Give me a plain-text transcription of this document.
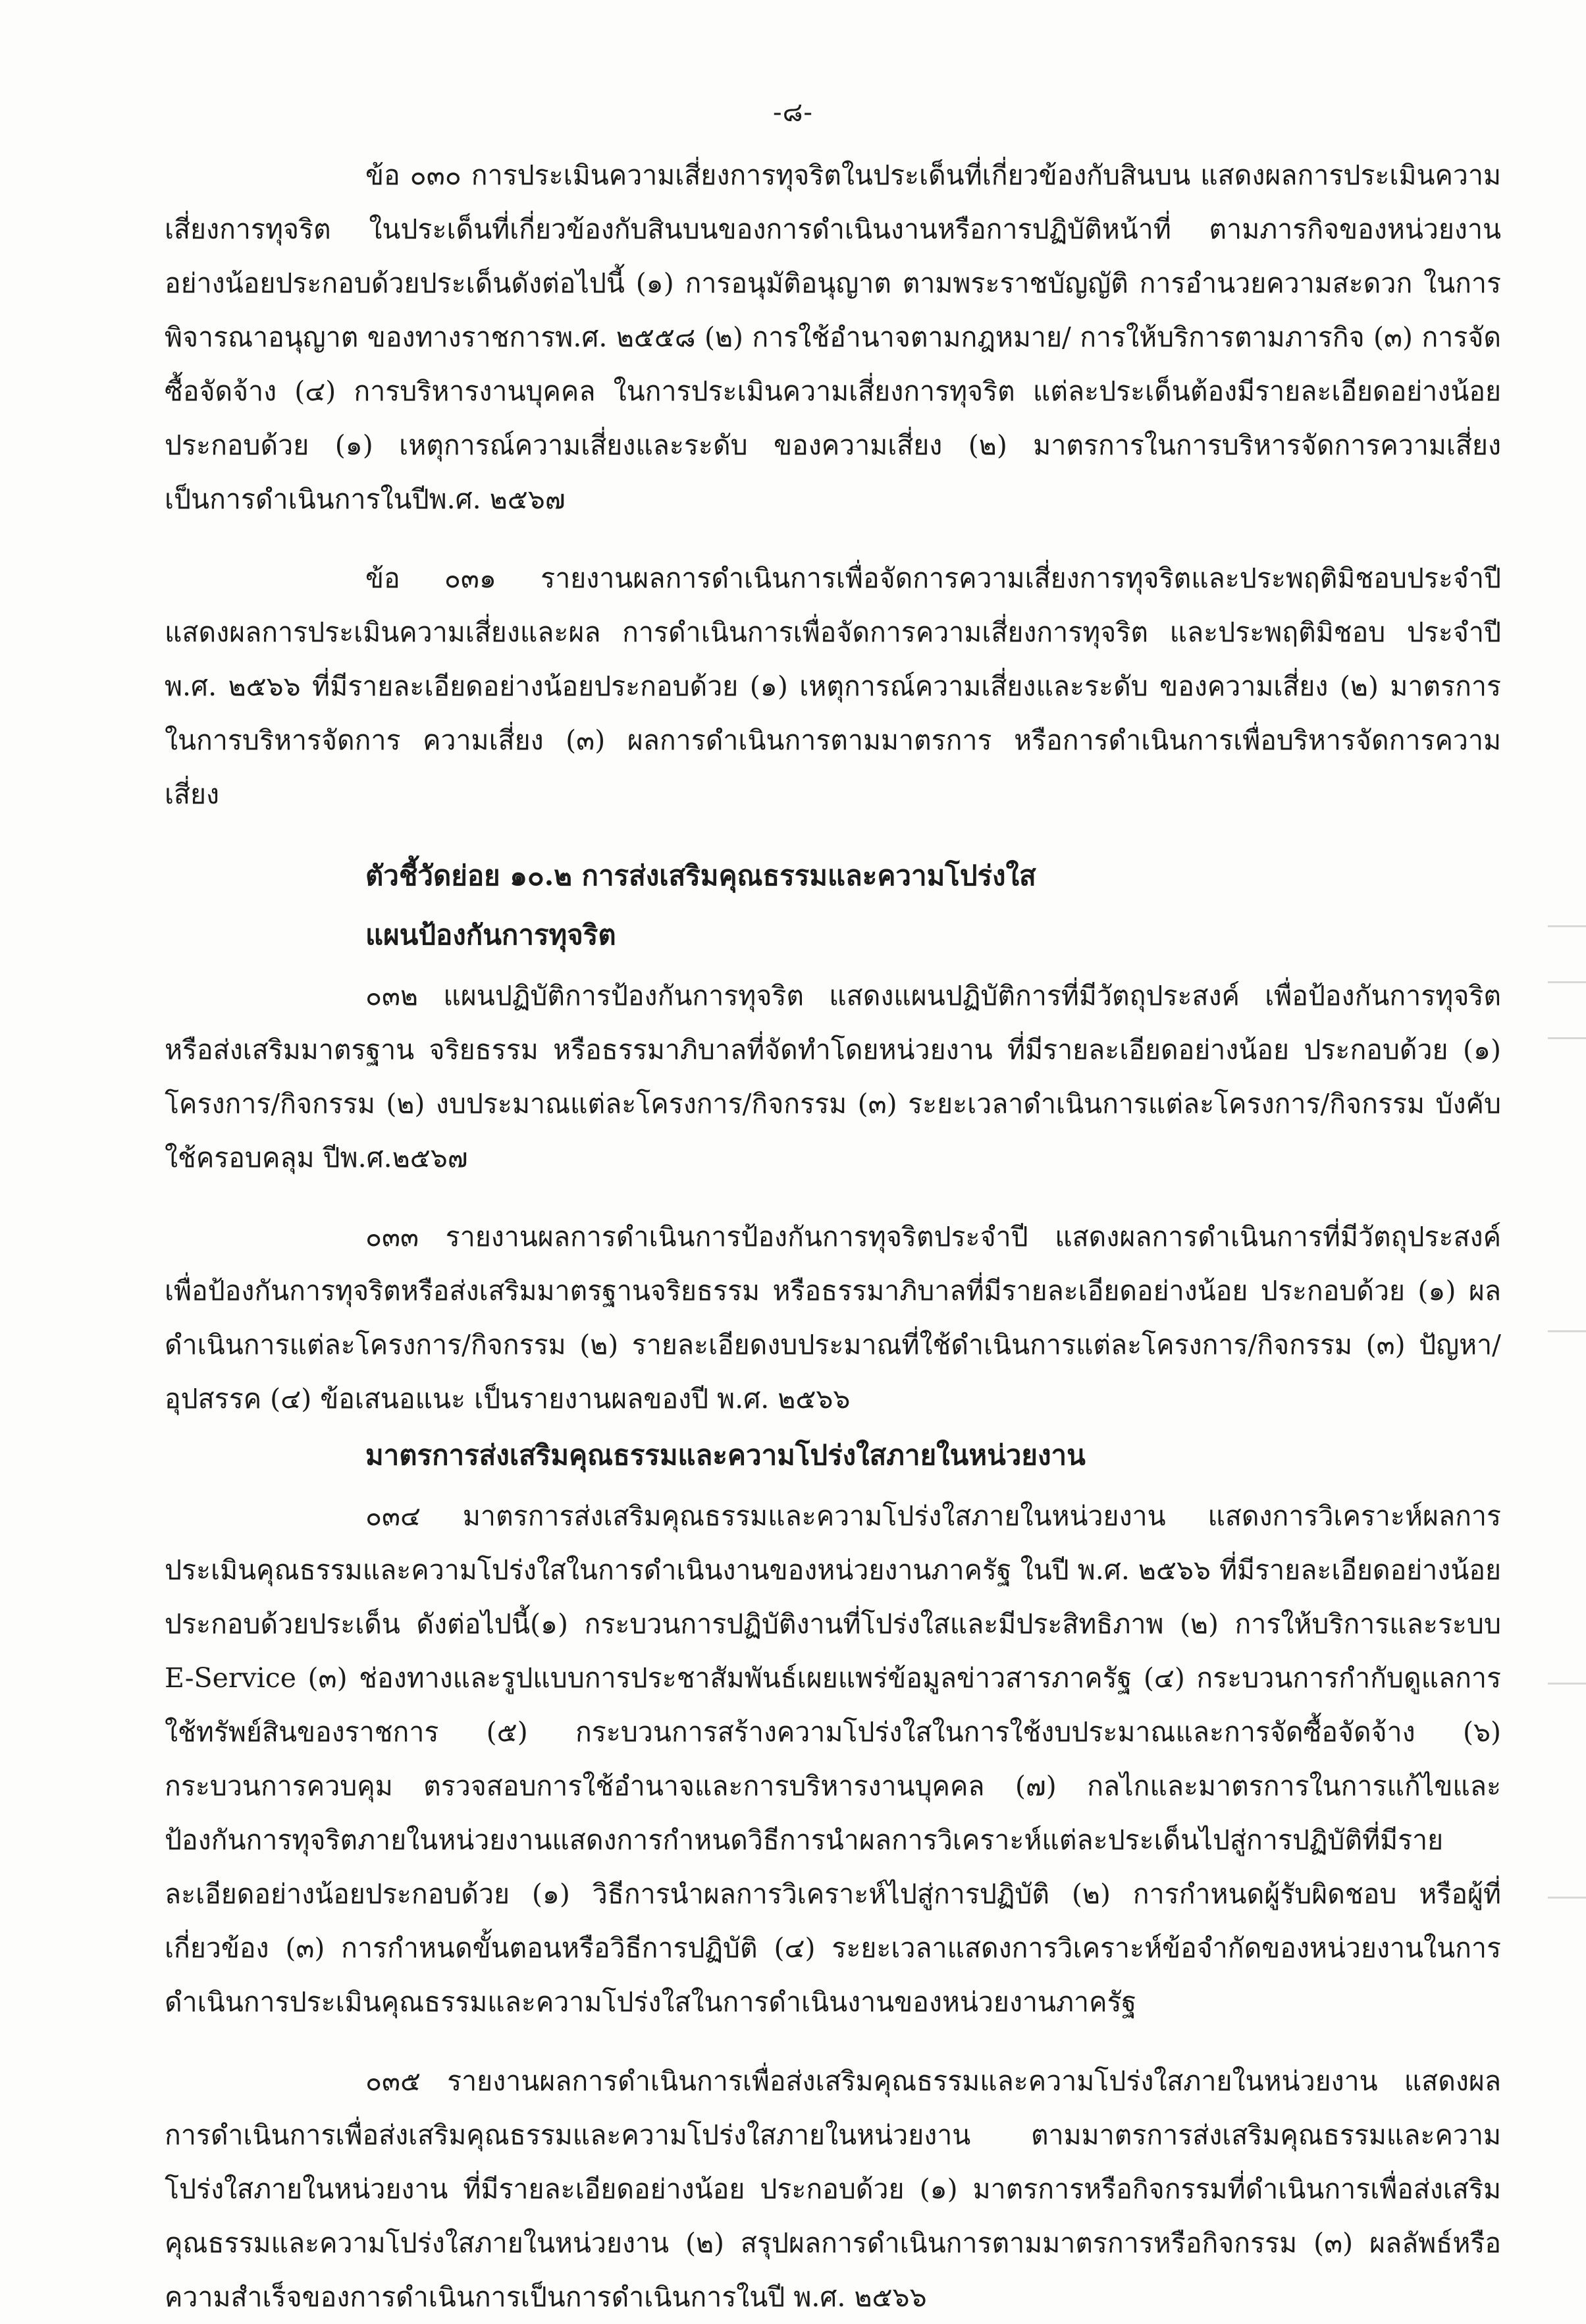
-๘-

ข้อ ๐๓๐ การประเมินความเสี่ยงการทุจริตในประเด็นที่เกี่ยวข้องกับสินบน แสดงผลการประเมินความเสี่ยงการทุจริต ในประเด็นที่เกี่ยวข้องกับสินบนของการดำเนินงานหรือการปฏิบัติหน้าที่ ตามภารกิจของหน่วยงาน อย่างน้อยประกอบด้วยประเด็นดังต่อไปนี้ (๑) การอนุมัติอนุญาต ตามพระราชบัญญัติ การอำนวยความสะดวก ในการพิจารณาอนุญาต ของทางราชการพ.ศ. ๒๕๕๘ (๒) การใช้อำนาจตามกฎหมาย/ การให้บริการตามภารกิจ (๓) การจัดซื้อจัดจ้าง (๔) การบริหารงานบุคคล ในการประเมินความเสี่ยงการทุจริต แต่ละประเด็นต้องมีรายละเอียดอย่างน้อย ประกอบด้วย (๑) เหตุการณ์ความเสี่ยงและระดับ ของความเสี่ยง (๒) มาตรการในการบริหารจัดการความเสี่ยง เป็นการดำเนินการในปีพ.ศ. ๒๕๖๗

ข้อ ๐๓๑ รายงานผลการดำเนินการเพื่อจัดการความเสี่ยงการทุจริตและประพฤติมิชอบประจำปี แสดงผลการประเมินความเสี่ยงและผล การดำเนินการเพื่อจัดการความเสี่ยงการทุจริต และประพฤติมิชอบ ประจำปี พ.ศ. ๒๕๖๖ ที่มีรายละเอียดอย่างน้อยประกอบด้วย (๑) เหตุการณ์ความเสี่ยงและระดับ ของความเสี่ยง (๒) มาตรการในการบริหารจัดการ ความเสี่ยง (๓) ผลการดำเนินการตามมาตรการ หรือการดำเนินการเพื่อบริหารจัดการความเสี่ยง

ตัวชี้วัดย่อย ๑๐.๒ การส่งเสริมคุณธรรมและความโปร่งใส
แผนป้องกันการทุจริต

๐๓๒ แผนปฏิบัติการป้องกันการทุจริต แสดงแผนปฏิบัติการที่มีวัตถุประสงค์ เพื่อป้องกันการทุจริต หรือส่งเสริมมาตรฐาน จริยธรรม หรือธรรมาภิบาลที่จัดทำโดยหน่วยงาน ที่มีรายละเอียดอย่างน้อย ประกอบด้วย (๑) โครงการ/กิจกรรม (๒) งบประมาณแต่ละโครงการ/กิจกรรม (๓) ระยะเวลาดำเนินการแต่ละโครงการ/กิจกรรม บังคับใช้ครอบคลุม ปีพ.ศ.๒๕๖๗

๐๓๓ รายงานผลการดำเนินการป้องกันการทุจริตประจำปี แสดงผลการดำเนินการที่มีวัตถุประสงค์ เพื่อป้องกันการทุจริตหรือส่งเสริมมาตรฐานจริยธรรม หรือธรรมาภิบาลที่มีรายละเอียดอย่างน้อย ประกอบด้วย (๑) ผลดำเนินการแต่ละโครงการ/กิจกรรม (๒) รายละเอียดงบประมาณที่ใช้ดำเนินการแต่ละโครงการ/กิจกรรม (๓) ปัญหา/อุปสรรค (๔) ข้อเสนอแนะ เป็นรายงานผลของปี พ.ศ. ๒๕๖๖

มาตรการส่งเสริมคุณธรรมและความโปร่งใสภายในหน่วยงาน

๐๓๔ มาตรการส่งเสริมคุณธรรมและความโปร่งใสภายในหน่วยงาน แสดงการวิเคราะห์ผลการประเมินคุณธรรมและความโปร่งใสในการดำเนินงานของหน่วยงานภาครัฐ ในปี พ.ศ. ๒๕๖๖ ที่มีรายละเอียดอย่างน้อยประกอบด้วยประเด็น ดังต่อไปนี้(๑) กระบวนการปฏิบัติงานที่โปร่งใสและมีประสิทธิภาพ (๒) การให้บริการและระบบ E-Service (๓) ช่องทางและรูปแบบการประชาสัมพันธ์เผยแพร่ข้อมูลข่าวสารภาครัฐ (๔) กระบวนการกำกับดูแลการใช้ทรัพย์สินของราชการ (๕) กระบวนการสร้างความโปร่งใสในการใช้งบประมาณและการจัดซื้อจัดจ้าง (๖) กระบวนการควบคุม ตรวจสอบการใช้อำนาจและการบริหารงานบุคคล (๗) กลไกและมาตรการในการแก้ไขและป้องกันการทุจริตภายในหน่วยงานแสดงการกำหนดวิธีการนำผลการวิเคราะห์แต่ละประเด็นไปสู่การปฏิบัติที่มีรายละเอียดอย่างน้อยประกอบด้วย (๑) วิธีการนำผลการวิเคราะห์ไปสู่การปฏิบัติ (๒) การกำหนดผู้รับผิดชอบ หรือผู้ที่เกี่ยวข้อง (๓) การกำหนดขั้นตอนหรือวิธีการปฏิบัติ (๔) ระยะเวลาแสดงการวิเคราะห์ข้อจำกัดของหน่วยงานในการดำเนินการประเมินคุณธรรมและความโปร่งใสในการดำเนินงานของหน่วยงานภาครัฐ

๐๓๕ รายงานผลการดำเนินการเพื่อส่งเสริมคุณธรรมและความโปร่งใสภายในหน่วยงาน แสดงผลการดำเนินการเพื่อส่งเสริมคุณธรรมและความโปร่งใสภายในหน่วยงาน ตามมาตรการส่งเสริมคุณธรรมและความโปร่งใสภายในหน่วยงาน ที่มีรายละเอียดอย่างน้อย ประกอบด้วย (๑) มาตรการหรือกิจกรรมที่ดำเนินการเพื่อส่งเสริมคุณธรรมและความโปร่งใสภายในหน่วยงาน (๒) สรุปผลการดำเนินการตามมาตรการหรือกิจกรรม (๓) ผลลัพธ์หรือความสำเร็จของการดำเนินการเป็นการดำเนินการในปี พ.ศ. ๒๕๖๖
